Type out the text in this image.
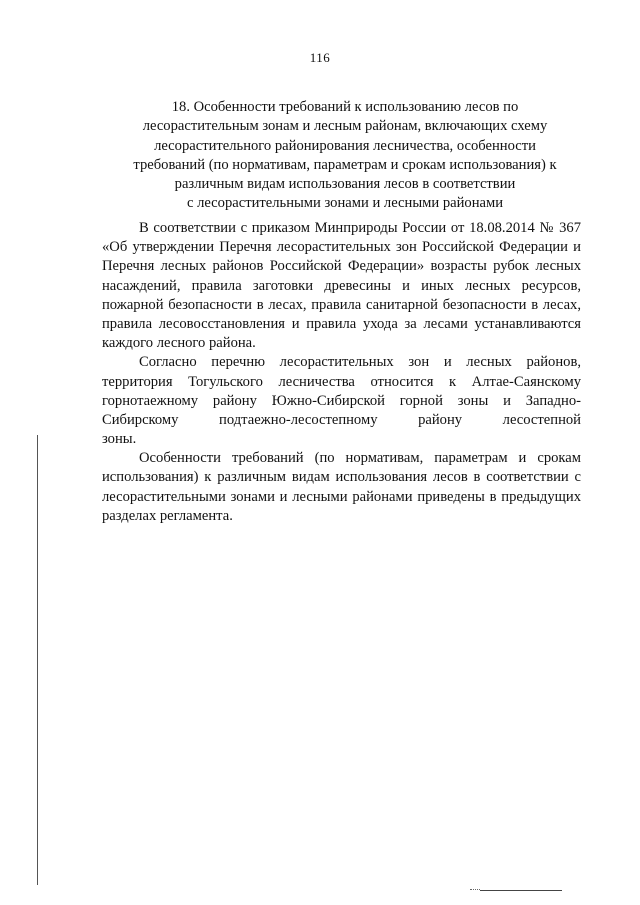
116
18. Особенности требований к использованию лесов по
лесорастительным зонам и лесным районам, включающих схему
лесорастительного районирования лесничества, особенности
требований (по нормативам, параметрам и срокам использования) к
различным видам использования лесов в соответствии
с лесорастительными зонами и лесными районами
В соответствии с приказом Минприроды России от 18.08.2014 № 367
«Об утверждении Перечня лесорастительных зон Российской Федерации и
Перечня лесных районов Российской Федерации» возрасты рубок лесных
насаждений, правила заготовки древесины и иных лесных ресурсов,
пожарной безопасности в лесах, правила санитарной безопасности в лесах,
правила лесовосстановления и правила ухода за лесами устанавливаются
каждого лесного района.
Согласно перечню лесорастительных зон и лесных районов,
территория Тогульского лесничества относится к Алтае-Саянскому
горнотаежному району Южно-Сибирской горной зоны и Западно-
Сибирскому подтаежно-лесостепному району лесостепной
зоны.
Особенности требований (по нормативам, параметрам и срокам
использования) к различным видам использования лесов в соответствии с
лесорастительными зонами и лесными районами приведены в предыдущих
разделах регламента.
